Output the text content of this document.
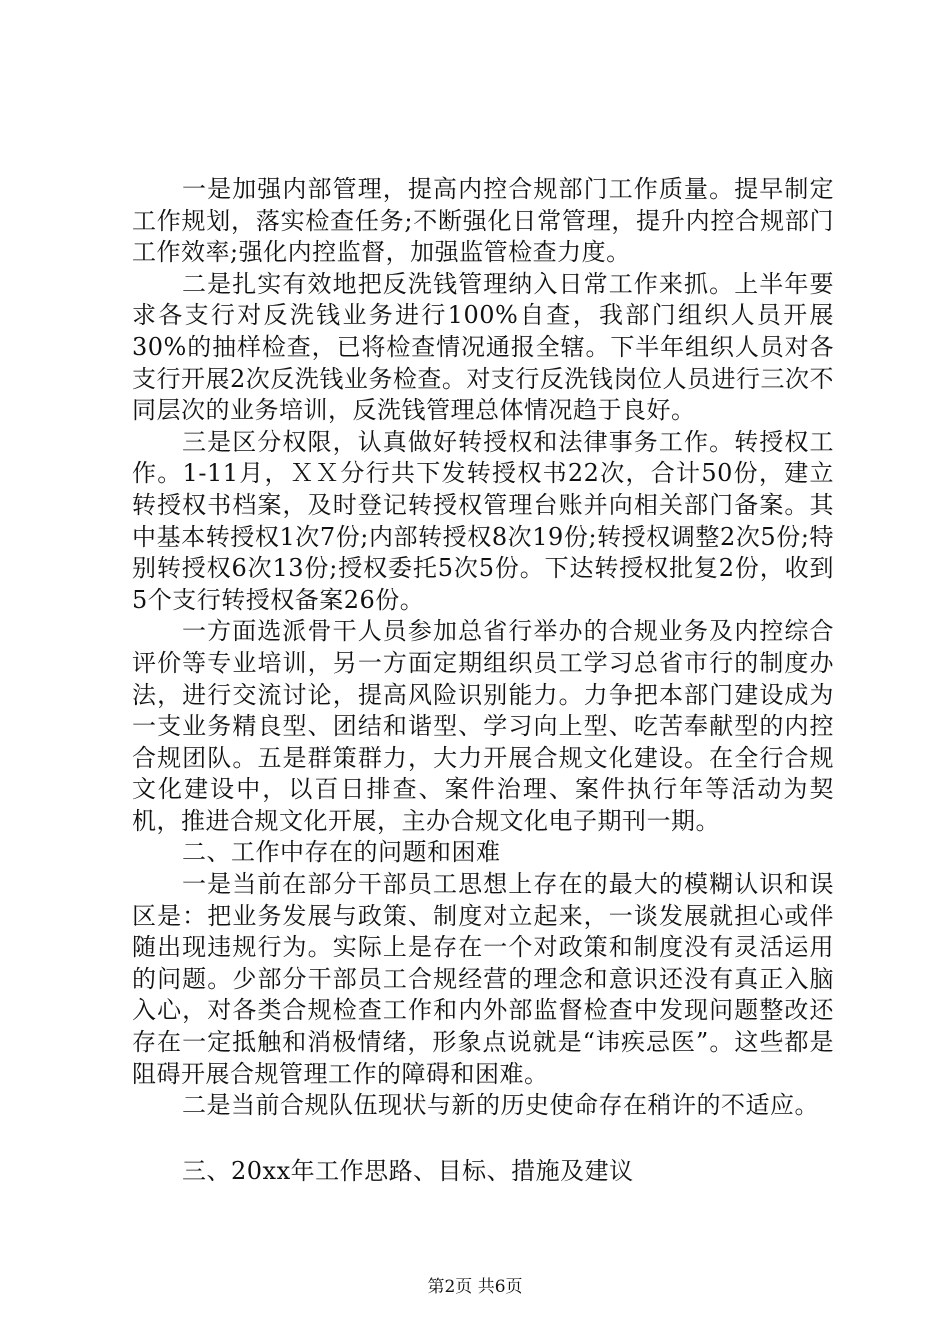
一是加强内部管理，提高内控合规部门工作质量。提早制定工作规划，落实检查任务;不断强化日常管理，提升内控合规部门工作效率;强化内控监督，加强监管检查力度。

二是扎实有效地把反洗钱管理纳入日常工作来抓。上半年要求各支行对反洗钱业务进行100%自查，我部门组织人员开展30%的抽样检查，已将检查情况通报全辖。下半年组织人员对各支行开展2次反洗钱业务检查。对支行反洗钱岗位人员进行三次不同层次的业务培训，反洗钱管理总体情况趋于良好。

三是区分权限，认真做好转授权和法律事务工作。转授权工作。1-11月，ＸＸ分行共下发转授权书22次，合计50份，建立转授权书档案，及时登记转授权管理台账并向相关部门备案。其中基本转授权1次7份;内部转授权8次19份;转授权调整2次5份;特别转授权6次13份;授权委托5次5份。下达转授权批复2份，收到5个支行转授权备案26份。

一方面选派骨干人员参加总省行举办的合规业务及内控综合评价等专业培训，另一方面定期组织员工学习总省市行的制度办法，进行交流讨论，提高风险识别能力。力争把本部门建设成为一支业务精良型、团结和谐型、学习向上型、吃苦奉献型的内控合规团队。五是群策群力，大力开展合规文化建设。在全行合规文化建设中，以百日排查、案件治理、案件执行年等活动为契机，推进合规文化开展，主办合规文化电子期刊一期。

二、工作中存在的问题和困难

一是当前在部分干部员工思想上存在的最大的模糊认识和误区是：把业务发展与政策、制度对立起来，一谈发展就担心或伴随出现违规行为。实际上是存在一个对政策和制度没有灵活运用的问题。少部分干部员工合规经营的理念和意识还没有真正入脑入心，对各类合规检查工作和内外部监督检查中发现问题整改还存在一定抵触和消极情绪，形象点说就是“讳疾忌医”。这些都是阻碍开展合规管理工作的障碍和困难。

二是当前合规队伍现状与新的历史使命存在稍许的不适应。

三、20xx年工作思路、目标、措施及建议

第2页 共6页
